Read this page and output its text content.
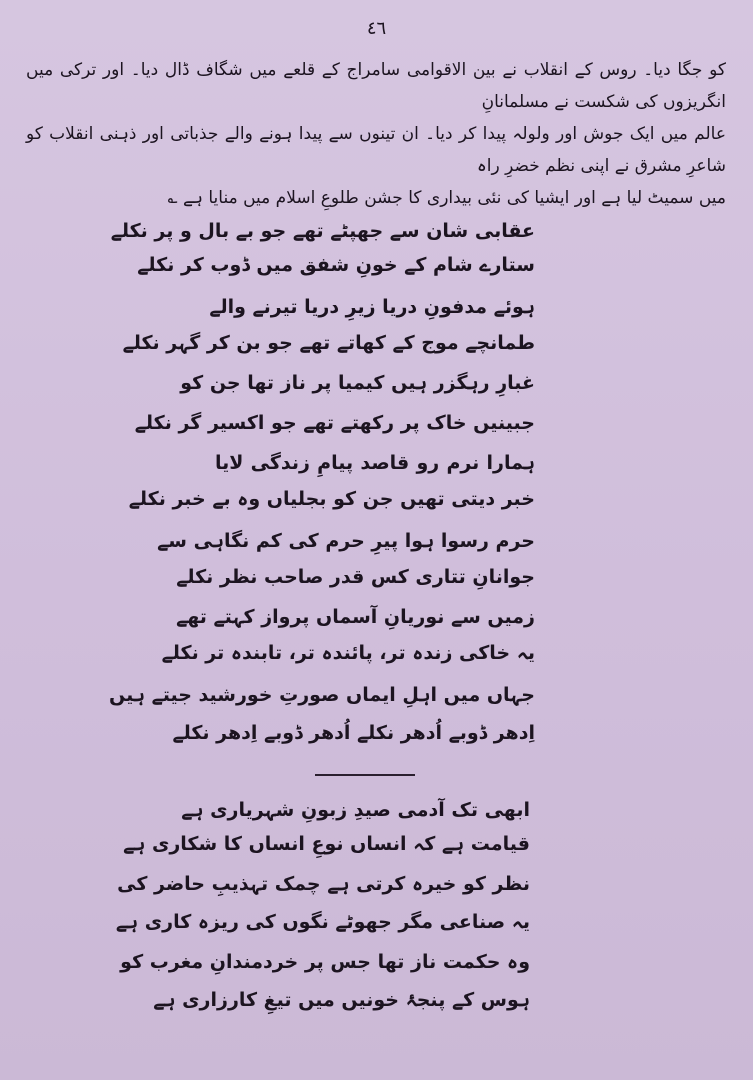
٤٦

کو جگا دیا۔ روس کے انقلاب نے بین الاقوامی سامراج کے قلعے میں شگاف ڈال دیا۔ اور ترکی میں انگریزوں کی شکست نے مسلمانانِ

عالم میں ایک جوش اور ولولہ پیدا کر دیا۔ ان تینوں سے پیدا ہونے والے جذباتی اور ذہنی انقلاب کو شاعرِ مشرق نے اپنی نظم خضرِ راہ

میں سمیٹ لیا ہے اور ایشیا کی نئی بیداری کا جشن طلوعِ اسلام میں منایا ہے ؎

عقابی شان سے جھپٹے تھے جو بے بال و پر نکلے
ستارے شام کے خونِ شفق میں ڈوب کر نکلے
ہوئے مدفونِ دریا زیرِ دریا تیرنے والے
طمانچے موج کے کھاتے تھے جو بن کر گہر نکلے
غبارِ رہگزر ہیں کیمیا پر ناز تھا جن کو
جبینیں خاک پر رکھتے تھے جو اکسیر گر نکلے
ہمارا نرم رو قاصد پیامِ زندگی لایا
خبر دیتی تھیں جن کو بجلیاں وہ بے خبر نکلے
حرم رسوا ہوا پیرِ حرم کی کم نگاہی سے
جوانانِ تتاری کس قدر صاحب نظر نکلے
زمیں سے نوریانِ آسماں پرواز کہتے تھے
یہ خاکی زندہ تر، پائندہ تر، تابندہ تر نکلے
جہاں میں اہلِ ایماں صورتِ خورشید جیتے ہیں
اِدھر ڈوبے اُدھر نکلے اُدھر ڈوبے اِدھر نکلے
ابھی تک آدمی صیدِ زبونِ شہریاری ہے
قیامت ہے کہ انساں نوعِ انساں کا شکاری ہے
نظر کو خیرہ کرتی ہے چمک تہذیبِ حاضر کی
یہ صناعی مگر جھوٹے نگوں کی ریزہ کاری ہے
وہ حکمت ناز تھا جس پر خردمندانِ مغرب کو
ہوس کے پنجۂ خونیں میں تیغِ کارزاری ہے
